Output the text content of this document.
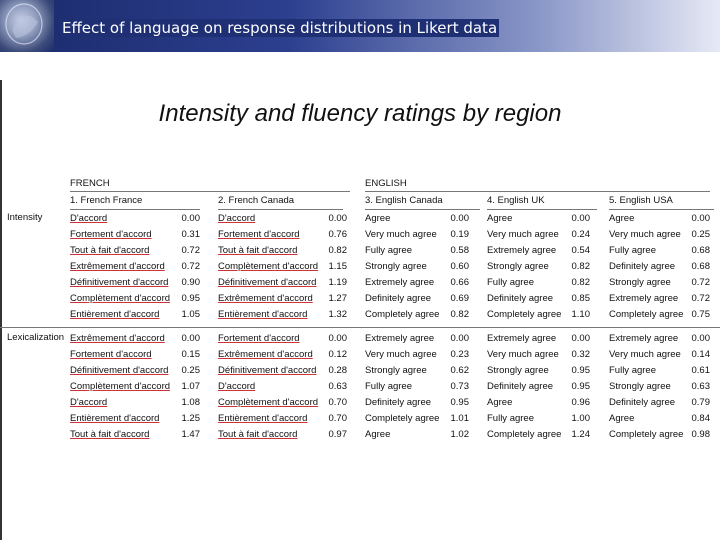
Effect of language on response distributions in Likert data
Intensity and fluency ratings by region
FRENCH	ENGLISH
1. French France	2. French Canada	3. English Canada	4. English UK	5. English USA
Intensity	D'accord	0.00 D'accord	0.00 Agree	0.00 Agree	0.00 Agree	0.00
Fortement d'accord	0.31 Fortement d'accord	0.76 Very much agree	0.19 Very much agree	0.24 Very much agree	0.25
Tout à fait d'accord	0.72 Tout à fait d'accord	0.82 Fully agree	0.58 Extremely agree	0.54 Fully agree	0.68
Extrêmement d'accord	0.72 Complètement d'accord	1.15 Strongly agree	0.60 Strongly agree	0.82 Definitely agree	0.68
Définitivement d'accord	0.90 Définitivement d'accord	1.19 Extremely agree	0.66 Fully agree	0.82 Strongly agree	0.72
Complètement d'accord	0.95 Extrêmement d'accord	1.27 Definitely agree	0.69 Definitely agree	0.85 Extremely agree	0.72
Entièrement d'accord	1.05 Entièrement d'accord	1.32 Completely agree	0.82 Completely agree	1.10 Completely agree 0.75
Lexicalization Extrêmement d'accord	0.00 Fortement d'accord	0.00 Extremely agree	0.00 Extremely agree	0.00 Extremely agree	0.00
Fortement d'accord	0.15 Extrêmement d'accord	0.12 Very much agree	0.23 Very much agree	0.32 Very much agree	0.14
Définitivement d'accord	0.25 Définitivement d'accord	0.28 Strongly agree	0.62 Strongly agree	0.95 Fully agree	0.61
Complètement d'accord	1.07 D'accord	0.63 Fully agree	0.73 Definitely agree	0.95 Strongly agree	0.63
D'accord	1.08 Complètement d'accord	0.70 Definitely agree	0.95 Agree	0.96 Definitely agree	0.79
Entièrement d'accord	1.25 Entièrement d'accord	0.70 Completely agree	1.01 Fully agree	1.00 Agree	0.84
Tout à fait d'accord	1.47 Tout à fait d'accord	0.97 Agree	1.02 Completely agree	1.24 Completely agree 0.98
